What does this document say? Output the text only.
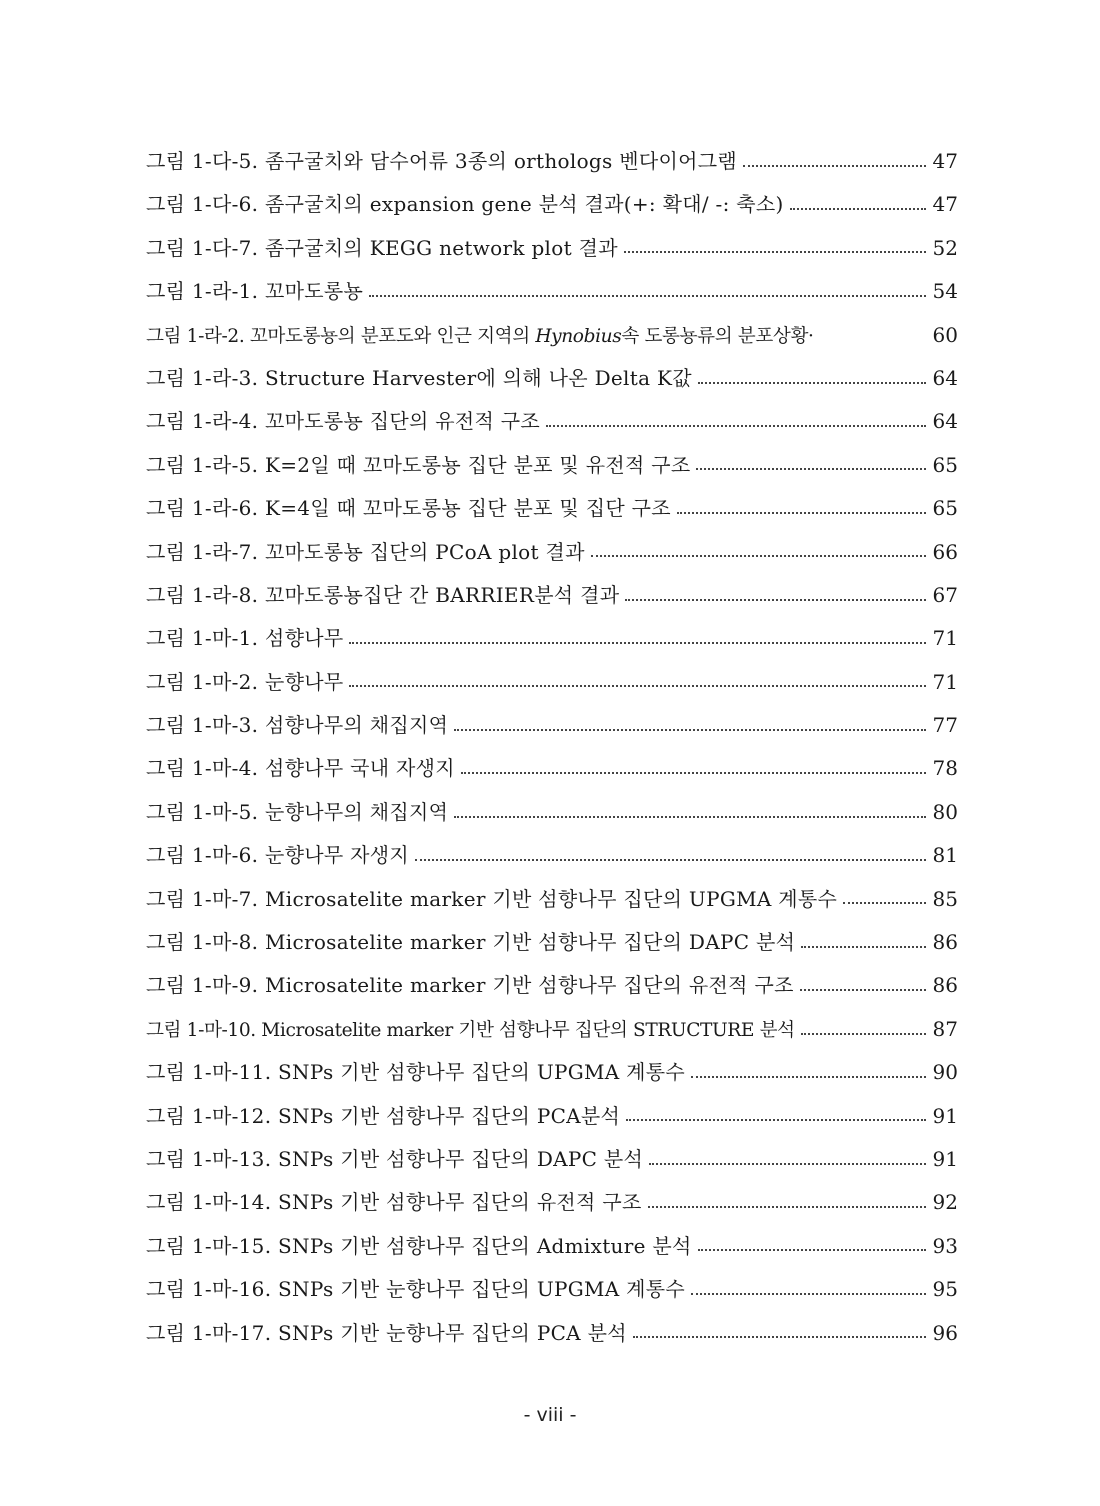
그림 1-다-5. 좀구굴치와 담수어류 3종의 orthologs 벤다이어그램	47
그림 1-다-6. 좀구굴치의 expansion gene 분석 결과(+: 확대/ -: 축소)	47
그림 1-다-7. 좀구굴치의 KEGG network plot 결과	52
그림 1-라-1. 꼬마도롱뇽	54
그림 1-라-2. 꼬마도롱뇽의 분포도와 인근 지역의 Hynobius속 도롱뇽류의 분포상황·	60
그림 1-라-3. Structure Harvester에 의해 나온 Delta K값	64
그림 1-라-4. 꼬마도롱뇽 집단의 유전적 구조	64
그림 1-라-5. K=2일 때 꼬마도롱뇽 집단 분포 및 유전적 구조	65
그림 1-라-6. K=4일 때 꼬마도롱뇽 집단 분포 및 집단 구조	65
그림 1-라-7. 꼬마도롱뇽 집단의 PCoA plot 결과	66
그림 1-라-8. 꼬마도롱뇽집단 간 BARRIER분석 결과	67
그림 1-마-1. 섬향나무	71
그림 1-마-2. 눈향나무	71
그림 1-마-3. 섬향나무의 채집지역	77
그림 1-마-4. 섬향나무 국내 자생지	78
그림 1-마-5. 눈향나무의 채집지역	80
그림 1-마-6. 눈향나무 자생지	81
그림 1-마-7. Microsatelite marker 기반 섬향나무 집단의 UPGMA 계통수	85
그림 1-마-8. Microsatelite marker 기반 섬향나무 집단의 DAPC 분석	86
그림 1-마-9. Microsatelite marker 기반 섬향나무 집단의 유전적 구조	86
그림 1-마-10. Microsatelite marker 기반 섬향나무 집단의 STRUCTURE 분석	87
그림 1-마-11. SNPs 기반 섬향나무 집단의 UPGMA 계통수	90
그림 1-마-12. SNPs 기반 섬향나무 집단의 PCA분석	91
그림 1-마-13. SNPs 기반 섬향나무 집단의 DAPC 분석	91
그림 1-마-14. SNPs 기반 섬향나무 집단의 유전적 구조	92
그림 1-마-15. SNPs 기반 섬향나무 집단의 Admixture 분석	93
그림 1-마-16. SNPs 기반 눈향나무 집단의 UPGMA 계통수	95
그림 1-마-17. SNPs 기반 눈향나무 집단의 PCA 분석	96
- viii -
